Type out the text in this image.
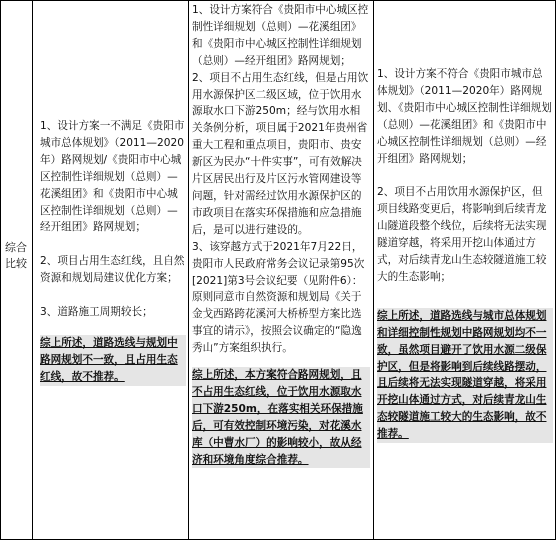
综合 比较
1、设计方案一不满足《贵阳市城市总体规划》（2011—2020年）路网规划/《贵阳市中心城区控制性详细规划（总则）—花溪组团》和《贵阳市中心城区控制性详细规划（总则）—经开组团》路网规划；

2、项目占用生态红线，且自然资源和规划局建议优化方案；

3、道路施工周期较长；
综上所述，道路选线与规划中路网规划不一致，且占用生态红线，故不推荐。
1、设计方案符合《贵阳市中心城区控制性详细规划（总则）—花溪组团》和《贵阳市中心城区控制性详细规划（总则）—经开组团》路网规划；
2、项目不占用生态红线，但是占用饮用水源保护区二级区域，位于饮用水源取水口下游250m；经与饮用水相关条例分析，项目属于2021年贵州省重大工程和重点项目，贵阳市、贵安新区为民办“十件实事”，可有效解决片区居民出行及片区污水管网建设等问题，针对需经过饮用水源保护区的市政项目在落实环保措施和应急措施后，是可以进行建设的。
3、该穿越方式于2021年7月22日，贵阳市人民政府常务会议记录第95次[2021]第3号会议纪要（见附件6）：原则同意市自然资源和规划局《关于金戈西路跨花溪河大桥桥型方案比选事宜的请示》，按照会议确定的“隐逸秀山”方案组织执行。
综上所述，本方案符合路网规划，且不占用生态红线，位于饮用水源取水口下游250m，在落实相关环保措施后，可有效控制环境污染，对花溪水库（中曹水厂）的影响较小，故从经济和环境角度综合推荐。
1、设计方案不符合《贵阳市城市总体规划》（2011—2020年）路网规划、《贵阳市中心城区控制性详细规划（总则）—花溪组团》和《贵阳市中心城区控制性详细规划（总则）—经开组团》路网规划；

2、项目不占用饮用水源保护区，但项目线路变更后，将影响到后续青龙山隧道段整个线位，后续将无法实现隧道穿越，将采用开挖山体通过方式，对后续青龙山生态较隧道施工较大的生态影响；
综上所述，道路选线与城市总体规划和详细控制性规划中路网规划均不一致，虽然项目避开了饮用水源二级保护区，但是将影响到后续线路摆动，且后续将无法实现隧道穿越，将采用开挖山体通过方式，对后续青龙山生态较隧道施工较大的生态影响，故不推荐。
